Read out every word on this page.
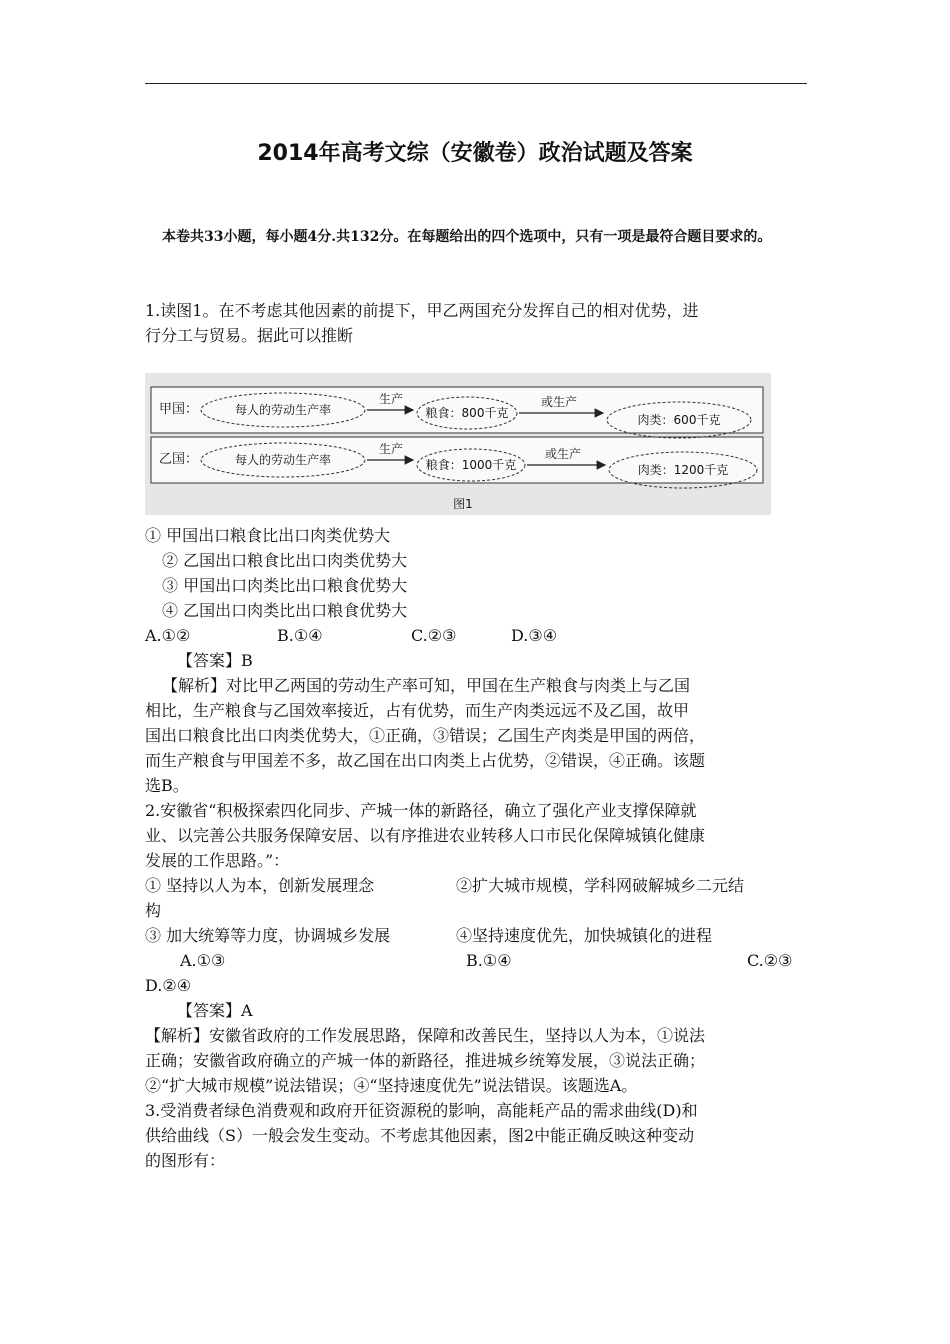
2014年高考文综（安徽卷）政治试题及答案
本卷共33小题，每小题4分.共132分。在每题给出的四个选项中，只有一项是最符合题目要求的。
1.读图1。在不考虑其他因素的前提下，甲乙两国充分发挥自己的相对优势，进
行分工与贸易。据此可以推断
甲国：	每人的劳动生产率
生产
粮食：800千克
或生产
肉类：600千克
乙国：	每人的劳动生产率
生产
粮食：1000千克
或生产
肉类：1200千克
图1
① 甲国出口粮食比出口肉类优势大
② 乙国出口粮食比出口肉类优势大
③ 甲国出口肉类比出口粮食优势大
④ 乙国出口肉类比出口粮食优势大
A.①②	B.①④	C.②③	D.③④
【答案】B
【解析】对比甲乙两国的劳动生产率可知，甲国在生产粮食与肉类上与乙国
相比，生产粮食与乙国效率接近，占有优势，而生产肉类远远不及乙国，故甲
国出口粮食比出口肉类优势大，①正确，③错误；乙国生产肉类是甲国的两倍，
而生产粮食与甲国差不多，故乙国在出口肉类上占优势，②错误，④正确。该题
选B。
2.安徽省“积极探索四化同步、产城一体的新路径，确立了强化产业支撑保障就
业、以完善公共服务保障安居、以有序推进农业转移人口市民化保障城镇化健康
发展的工作思路。”：
① 坚持以人为本，创新发展理念	②扩大城市规模，学科网破解城乡二元结
构
③ 加大统筹等力度，协调城乡发展	④坚持速度优先，加快城镇化的进程
A.①③	B.①④	C.②③
D.②④
【答案】A
【解析】安徽省政府的工作发展思路，保障和改善民生，坚持以人为本，①说法
正确；安徽省政府确立的产城一体的新路径，推进城乡统筹发展，③说法正确；
②“扩大城市规模”说法错误；④“坚持速度优先”说法错误。该题选A。
3.受消费者绿色消费观和政府开征资源税的影响，高能耗产品的需求曲线(D)和
供给曲线（S）一般会发生变动。不考虑其他因素，图2中能正确反映这种变动
的图形有：
